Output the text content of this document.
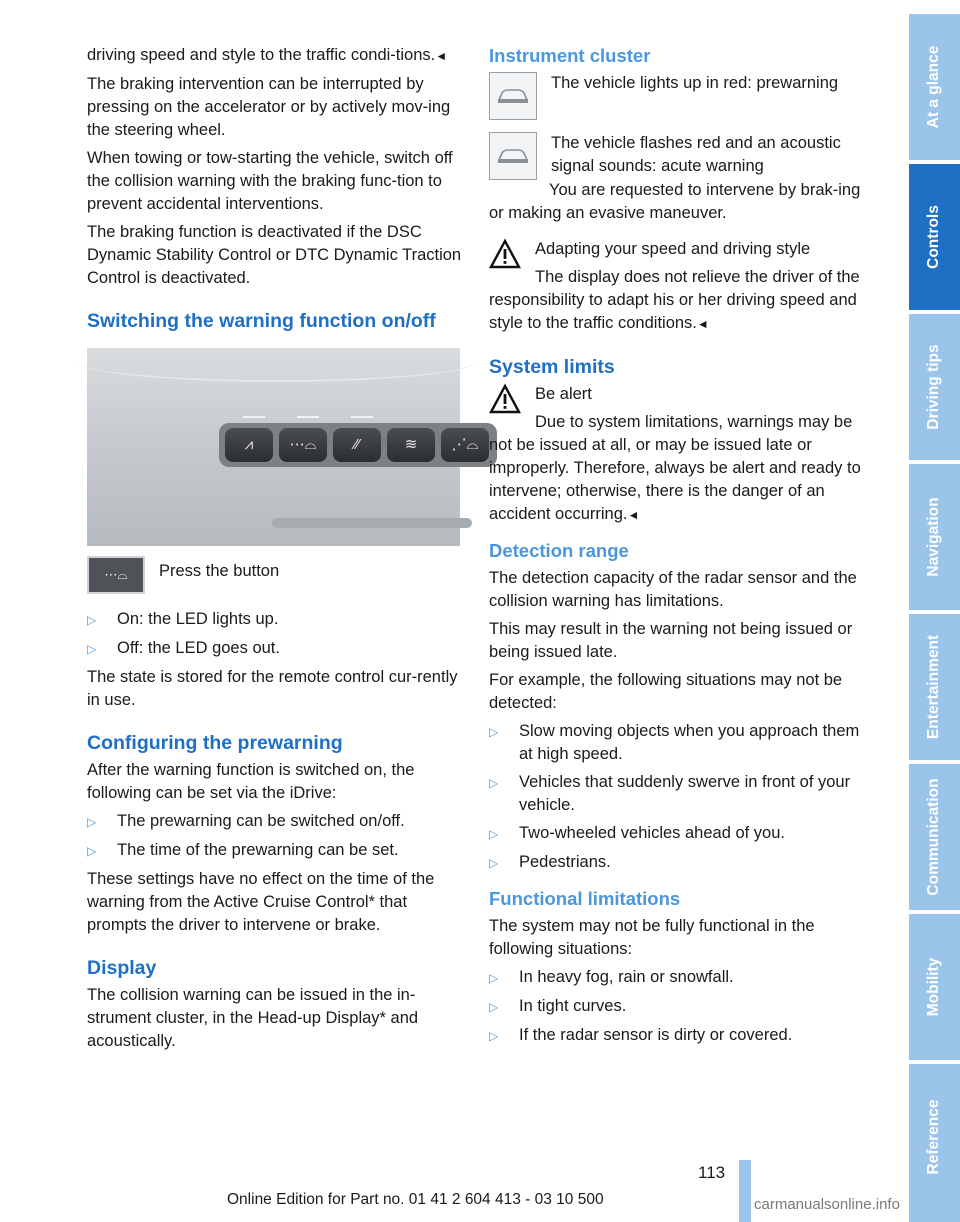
driving speed and style to the traffic condi-tions.◄

The braking intervention can be interrupted by pressing on the accelerator or by actively mov-ing the steering wheel.

When towing or tow-starting the vehicle, switch off the collision warning with the braking func-tion to prevent accidental interventions.

The braking function is deactivated if the DSC Dynamic Stability Control or DTC Dynamic Traction Control is deactivated.

Switching the warning function on/off
⩘	⋯⌓	⁄⁄	≋	⋰⌓
⋯⌓	Press the button

▷	On: the LED lights up.
▷	Off: the LED goes out.

The state is stored for the remote control cur-rently in use.

Configuring the prewarning

After the warning function is switched on, the following can be set via the iDrive:

▷	The prewarning can be switched on/off.
▷	The time of the prewarning can be set.

These settings have no effect on the time of the warning from the Active Cruise Control* that prompts the driver to intervene or brake.

Display

The collision warning can be issued in the in-strument cluster, in the Head-up Display* and acoustically.

Instrument cluster

The vehicle lights up in red: prewarning

The vehicle flashes red and an acoustic signal sounds: acute warning

You are requested to intervene by brak-ing or making an evasive maneuver.

Adapting your speed and driving style

The display does not relieve the driver of the responsibility to adapt his or her driving speed and style to the traffic conditions.◄

System limits

Be alert

Due to system limitations, warnings may be not be issued at all, or may be issued late or improperly. Therefore, always be alert and ready to intervene; otherwise, there is the danger of an accident occurring.◄

Detection range

The detection capacity of the radar sensor and the collision warning has limitations.

This may result in the warning not being issued or being issued late.

For example, the following situations may not be detected:

▷	Slow moving objects when you approach them at high speed.
▷	Vehicles that suddenly swerve in front of your vehicle.
▷	Two-wheeled vehicles ahead of you.
▷	Pedestrians.
Functional limitations

The system may not be fully functional in the following situations:

▷	In heavy fog, rain or snowfall.
▷	In tight curves.
▷	If the radar sensor is dirty or covered.
At a glance
Controls
Driving tips
Navigation
Entertainment
Communication
Mobility
Reference
113
Online Edition for Part no. 01 41 2 604 413 - 03 10 500	carmanualsonline.info
